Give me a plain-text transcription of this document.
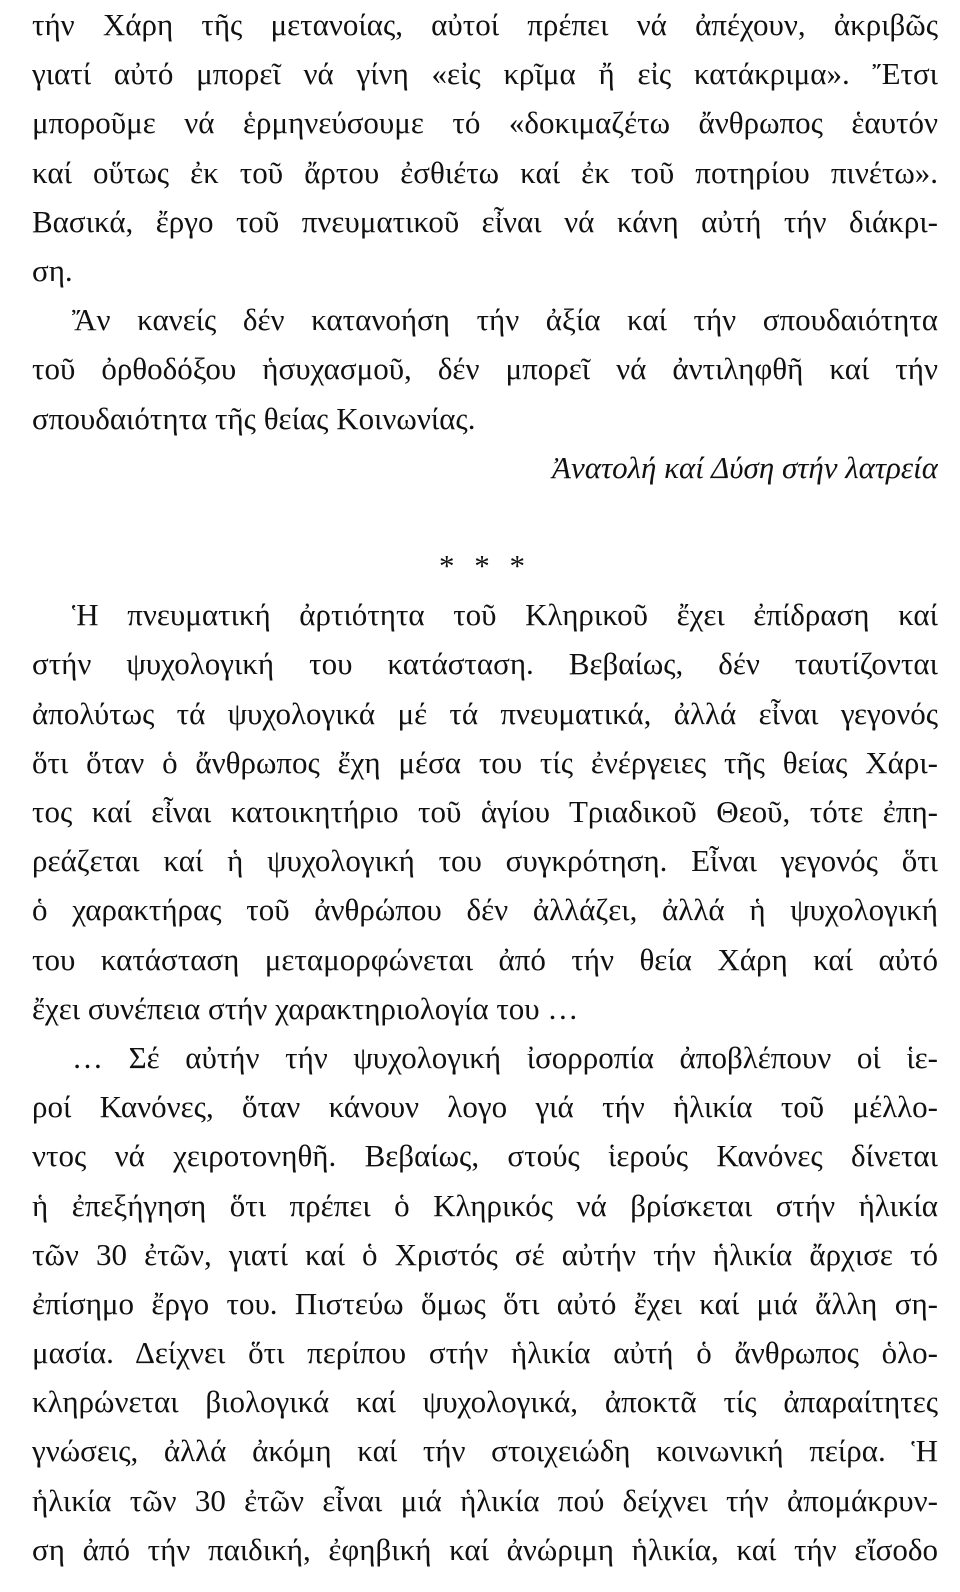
τήν Χάρη τῆς μετανοίας, αὐτοί πρέπει νά ἀπέχουν, ἀκριβῶς
γιατί αὐτό μπορεῖ νά γίνη «εἰς κρῖμα ἤ εἰς κατάκριμα». Ἔτσι
μποροῦμε νά ἑρμηνεύσουμε τό «δοκιμαζέτω ἄνθρωπος ἑαυτόν
καί οὕτως ἐκ τοῦ ἄρτου ἐσθιέτω καί ἐκ τοῦ ποτηρίου πινέτω».
Βασικά, ἔργο τοῦ πνευματικοῦ εἶναι νά κάνη αὐτή τήν διάκρι-
ση.
Ἄν κανείς δέν κατανοήση τήν ἀξία καί τήν σπουδαιότητα
τοῦ ὀρθοδόξου ἡσυχασμοῦ, δέν μπορεῖ νά ἀντιληφθῆ καί τήν
σπουδαιότητα τῆς θείας Κοινωνίας.
Ἀνατολή καί Δύση στήν λατρεία
* * *
Ἡ πνευματική ἀρτιότητα τοῦ Κληρικοῦ ἔχει ἐπίδραση καί
στήν ψυχολογική του κατάσταση. Βεβαίως, δέν ταυτίζονται
ἀπολύτως τά ψυχολογικά μέ τά πνευματικά, ἀλλά εἶναι γεγονός
ὅτι ὅταν ὁ ἄνθρωπος ἔχη μέσα του τίς ἐνέργειες τῆς θείας Χάρι-
τος καί εἶναι κατοικητήριο τοῦ ἁγίου Τριαδικοῦ Θεοῦ, τότε ἐπη-
ρεάζεται καί ἡ ψυχολογική του συγκρότηση. Εἶναι γεγονός ὅτι
ὁ χαρακτήρας τοῦ ἀνθρώπου δέν ἀλλάζει, ἀλλά ἡ ψυχολογική
του κατάσταση μεταμορφώνεται ἀπό τήν θεία Χάρη καί αὐτό
ἔχει συνέπεια στήν χαρακτηριολογία του …
… Σέ αὐτήν τήν ψυχολογική ἰσορροπία ἀποβλέπουν οἱ ἱε-
ροί Κανόνες, ὅταν κάνουν λογο γιά τήν ἡλικία τοῦ μέλλο-
ντος νά χειροτονηθῆ. Βεβαίως, στούς ἱερούς Κανόνες δίνεται
ἡ ἐπεξήγηση ὅτι πρέπει ὁ Κληρικός νά βρίσκεται στήν ἡλικία
τῶν 30 ἐτῶν, γιατί καί ὁ Χριστός σέ αὐτήν τήν ἡλικία ἄρχισε τό
ἐπίσημο ἔργο του. Πιστεύω ὅμως ὅτι αὐτό ἔχει καί μιά ἄλλη ση-
μασία. Δείχνει ὅτι περίπου στήν ἡλικία αὐτή ὁ ἄνθρωπος ὁλο-
κληρώνεται βιολογικά καί ψυχολογικά, ἀποκτᾶ τίς ἀπαραίτητες
γνώσεις, ἀλλά ἀκόμη καί τήν στοιχειώδη κοινωνική πείρα. Ἡ
ἡλικία τῶν 30 ἐτῶν εἶναι μιά ἡλικία πού δείχνει τήν ἀπομάκρυν-
ση ἀπό τήν παιδική, ἐφηβική καί ἀνώριμη ἡλικία, καί τήν εἴσοδο
